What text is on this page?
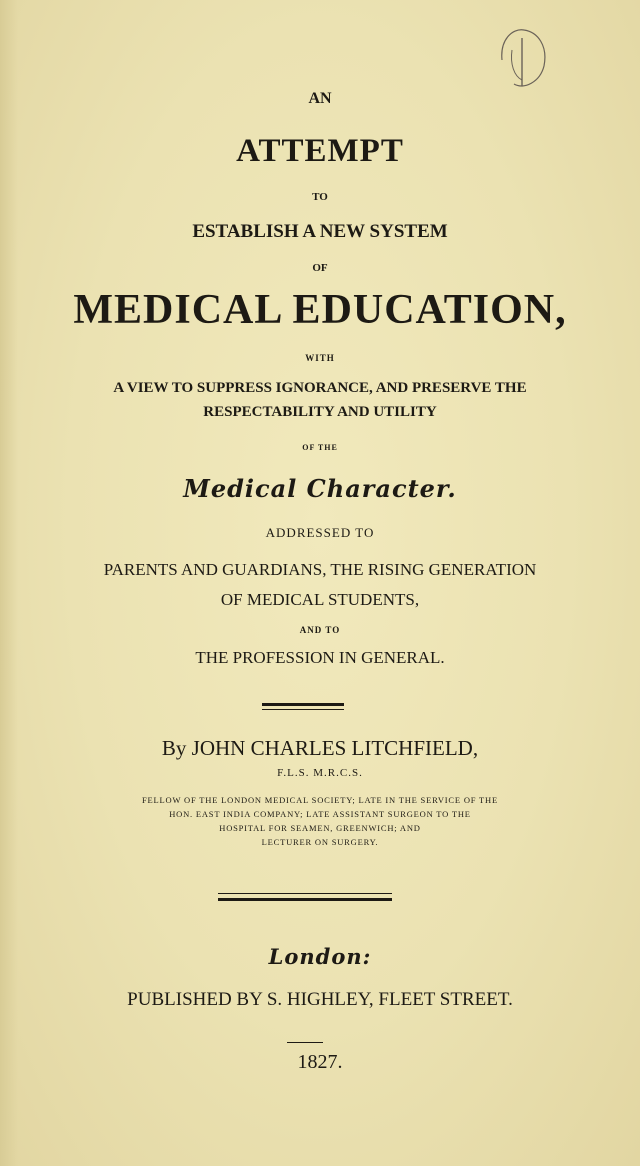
AN
ATTEMPT
TO
ESTABLISH A NEW SYSTEM
OF
MEDICAL EDUCATION,
WITH
A VIEW TO SUPPRESS IGNORANCE, AND PRESERVE THE
RESPECTABILITY AND UTILITY
OF THE
Medical Character.
ADDRESSED TO
PARENTS AND GUARDIANS, THE RISING GENERATION
OF MEDICAL STUDENTS,
AND TO
THE PROFESSION IN GENERAL.
By JOHN CHARLES LITCHFIELD,
F.L.S. M.R.C.S.
FELLOW OF THE LONDON MEDICAL SOCIETY; LATE IN THE SERVICE OF THE
HON. EAST INDIA COMPANY; LATE ASSISTANT SURGEON TO THE
HOSPITAL FOR SEAMEN, GREENWICH; AND
LECTURER ON SURGERY.
London:
PUBLISHED BY S. HIGHLEY, FLEET STREET.
1827.
